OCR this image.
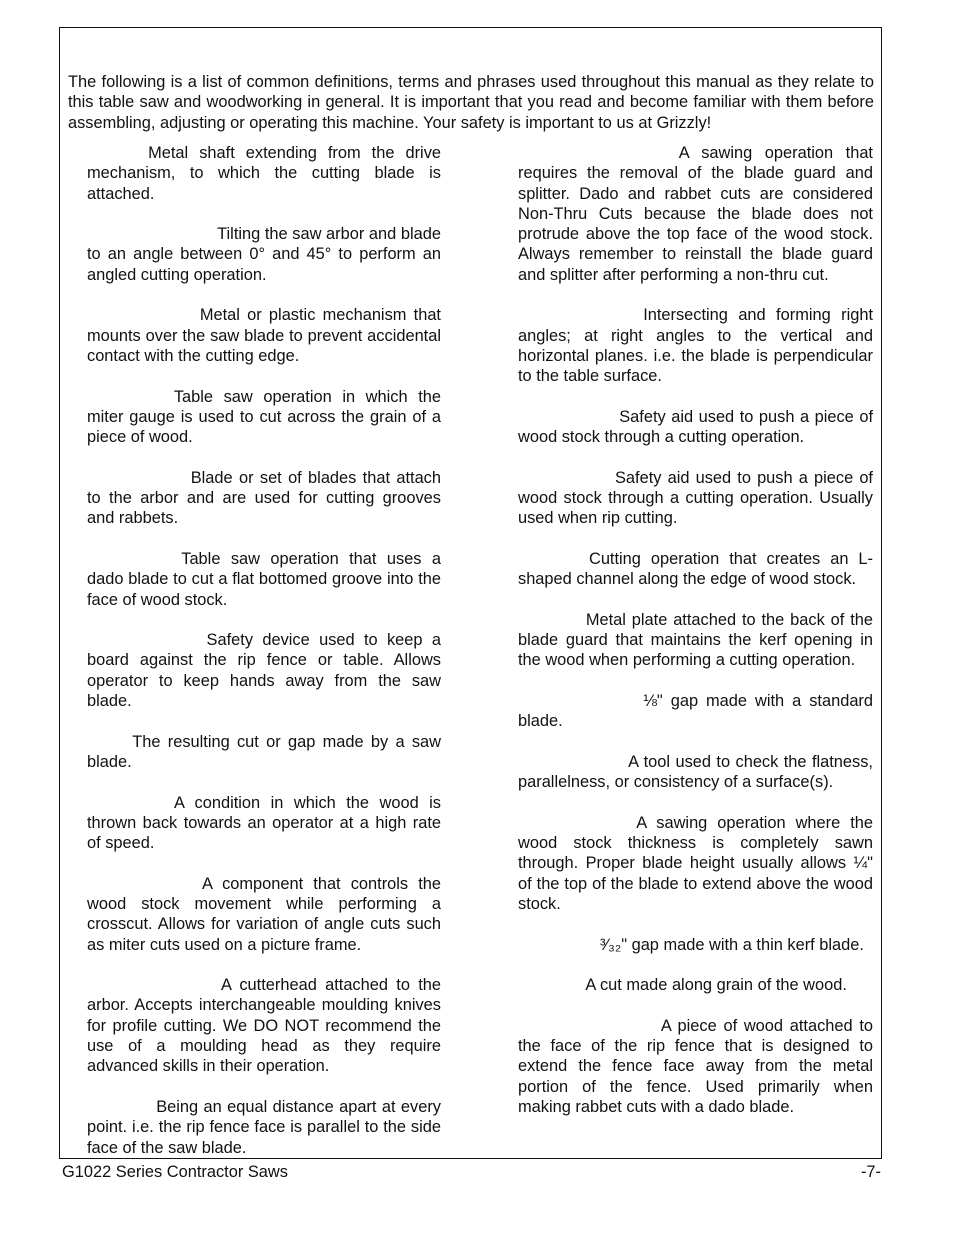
The following is a list of common definitions, terms and phrases used throughout this manual as they relate to this table saw and woodworking in general. It is important that you read and become familiar with them before assembling, adjusting or operating this machine. Your safety is important to us at Grizzly!

Metal shaft extending from the drive mechanism, to which the cutting blade is attached.
Tilting the saw arbor and blade to an angle between 0° and 45° to perform an angled cutting operation.
Metal or plastic mechanism that mounts over the saw blade to prevent accidental contact with the cutting edge.
Table saw operation in which the miter gauge is used to cut across the grain of a piece of wood.
Blade or set of blades that attach to the arbor and are used for cutting grooves and rabbets.
Table saw operation that uses a dado blade to cut a flat bottomed groove into the face of wood stock.
Safety device used to keep a board against the rip fence or table. Allows operator to keep hands away from the saw blade.
The resulting cut or gap made by a saw blade.
A condition in which the wood is thrown back towards an operator at a high rate of speed.
A component that controls the wood stock movement while performing a crosscut. Allows for variation of angle cuts such as miter cuts used on a picture frame.
A cutterhead attached to the arbor. Accepts interchangeable moulding knives for profile cutting. We DO NOT recommend the use of a moulding head as they require advanced skills in their operation.
Being an equal distance apart at every point. i.e. the rip fence face is parallel to the side face of the saw blade.
A sawing operation that requires the removal of the blade guard and splitter. Dado and rabbet cuts are considered Non-Thru Cuts because the blade does not protrude above the top face of the wood stock. Always remember to reinstall the blade guard and splitter after performing a non-thru cut.
Intersecting and forming right angles; at right angles to the vertical and horizontal planes. i.e. the blade is perpendicular to the table surface.
Safety aid used to push a piece of wood stock through a cutting operation.
Safety aid used to push a piece of wood stock through a cutting operation. Usually used when rip cutting.
Cutting operation that creates an L-shaped channel along the edge of wood stock.
Metal plate attached to the back of the blade guard that maintains the kerf opening in the wood when performing a cutting operation.
⅛" gap made with a standard blade.
A tool used to check the flatness, parallelness, or consistency of a surface(s).
A sawing operation where the wood stock thickness is completely sawn through. Proper blade height usually allows ¼" of the top of the blade to extend above the wood stock.
³⁄₃₂" gap made with a thin kerf blade.
A cut made along grain of the wood.
A piece of wood attached to the face of the rip fence that is designed to extend the fence face away from the metal portion of the fence. Used primarily when making rabbet cuts with a dado blade.
G1022 Series Contractor Saws	-7-
